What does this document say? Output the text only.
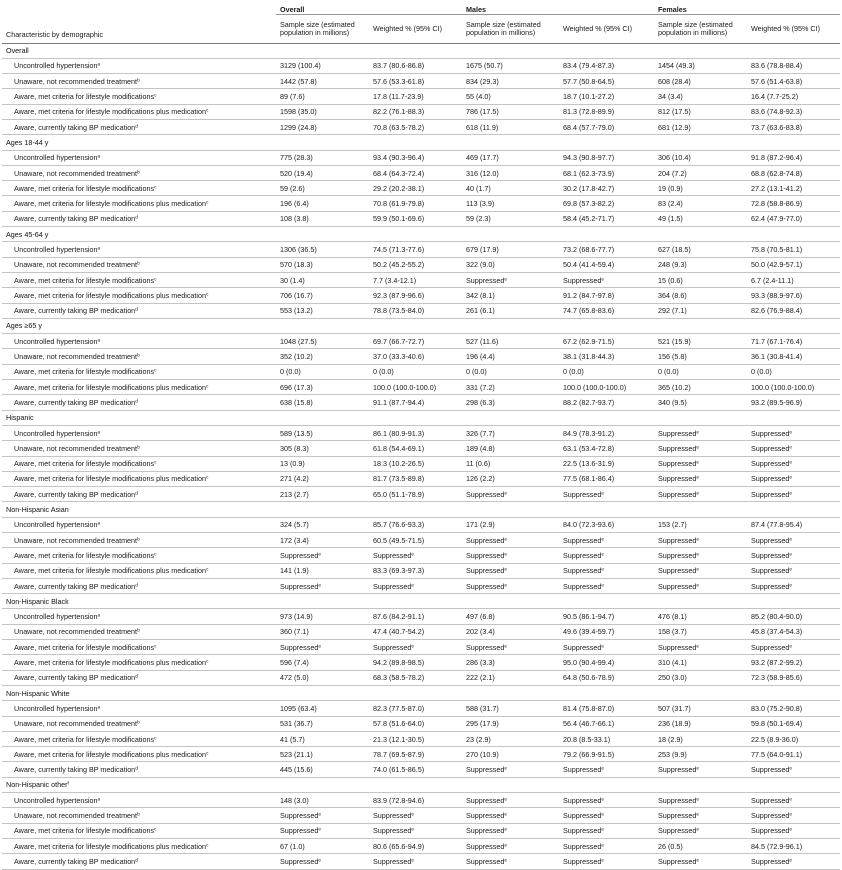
	Overall		Males		Females	
Characteristic by demographic	Sample size (estimated population in millions)	Weighted % (95% CI)	Sample size (estimated population in millions)	Weighted % (95% CI)	Sample size (estimated population in millions)	Weighted % (95% CI)
Overall						
Uncontrolled hypertension$^a$	3129 (100.4)	83.7 (80.6-86.8)	1675 (50.7)	83.4 (79.4-87.3)	1454 (49.3)	83.6 (78.8-88.4)
Unaware, not recommended treatment$^b$	1442 (57.8)	57.6 (53.3-61.8)	834 (29.3)	57.7 (50.8-64.5)	608 (28.4)	57.6 (51.4-63.8)
Aware, met criteria for lifestyle modifications$^c$	89 (7.6)	17.8 (11.7-23.9)	55 (4.0)	18.7 (10.1-27.2)	34 (3.4)	16.4 (7.7-25.2)
Aware, met criteria for lifestyle modifications plus medication$^c$	1598 (35.0)	82.2 (76.1-88.3)	786 (17.5)	81.3 (72.8-89.9)	812 (17.5)	83.6 (74.8-92.3)
Aware, currently taking BP medication$^d$	1299 (24.8)	70.8 (63.5-78.2)	618 (11.9)	68.4 (57.7-79.0)	681 (12.9)	73.7 (63.6-83.8)
Ages 18-44 y						
Uncontrolled hypertension$^a$	775 (28.3)	93.4 (90.3-96.4)	469 (17.7)	94.3 (90.8-97.7)	306 (10.4)	91.8 (87.2-96.4)
Unaware, not recommended treatment$^b$	520 (19.4)	68.4 (64.3-72.4)	316 (12.0)	68.1 (62.3-73.9)	204 (7.2)	68.8 (62.8-74.8)
Aware, met criteria for lifestyle modifications$^c$	59 (2.6)	29.2 (20.2-38.1)	40 (1.7)	30.2 (17.8-42.7)	19 (0.9)	27.2 (13.1-41.2)
Aware, met criteria for lifestyle modifications plus medication$^c$	196 (6.4)	70.8 (61.9-79.8)	113 (3.9)	69.8 (57.3-82.2)	83 (2.4)	72.8 (58.8-86.9)
Aware, currently taking BP medication$^d$	108 (3.8)	59.9 (50.1-69.6)	59 (2.3)	58.4 (45.2-71.7)	49 (1.5)	62.4 (47.9-77.0)
Ages 45-64 y						
Uncontrolled hypertension$^a$	1306 (36.5)	74.5 (71.3-77.6)	679 (17.9)	73.2 (68.6-77.7)	627 (18.5)	75.8 (70.5-81.1)
Unaware, not recommended treatment$^b$	570 (18.3)	50.2 (45.2-55.2)	322 (9.0)	50.4 (41.4-59.4)	248 (9.3)	50.0 (42.9-57.1)
Aware, met criteria for lifestyle modifications$^c$	30 (1.4)	7.7 (3.4-12.1)	Suppressed$^e$	Suppressed$^e$	15 (0.6)	6.7 (2.4-11.1)
Aware, met criteria for lifestyle modifications plus medication$^c$	706 (16.7)	92.3 (87.9-96.6)	342 (8.1)	91.2 (84.7-97.8)	364 (8.6)	93.3 (88.9-97.6)
Aware, currently taking BP medication$^d$	553 (13.2)	78.8 (73.5-84.0)	261 (6.1)	74.7 (65.8-83.6)	292 (7.1)	82.6 (76.9-88.4)
Ages ≥65 y						
Uncontrolled hypertension$^a$	1048 (27.5)	69.7 (66.7-72.7)	527 (11.6)	67.2 (62.9-71.5)	521 (15.9)	71.7 (67.1-76.4)
Unaware, not recommended treatment$^b$	352 (10.2)	37.0 (33.3-40.6)	196 (4.4)	38.1 (31.8-44.3)	156 (5.8)	36.1 (30.8-41.4)
Aware, met criteria for lifestyle modifications$^c$	0 (0.0)	0 (0.0)	0 (0.0)	0 (0.0)	0 (0.0)	0 (0.0)
Aware, met criteria for lifestyle modifications plus medication$^c$	696 (17.3)	100.0 (100.0-100.0)	331 (7.2)	100.0 (100.0-100.0)	365 (10.2)	100.0 (100.0-100.0)
Aware, currently taking BP medication$^d$	638 (15.8)	91.1 (87.7-94.4)	298 (6.3)	88.2 (82.7-93.7)	340 (9.5)	93.2 (89.5-96.9)
Hispanic						
Uncontrolled hypertension$^a$	589 (13.5)	86.1 (80.9-91.3)	326 (7.7)	84.9 (78.3-91.2)	Suppressed$^e$	Suppressed$^e$
Unaware, not recommended treatment$^b$	305 (8.3)	61.8 (54.4-69.1)	189 (4.8)	63.1 (53.4-72.8)	Suppressed$^e$	Suppressed$^e$
Aware, met criteria for lifestyle modifications$^c$	13 (0.9)	18.3 (10.2-26.5)	11 (0.6)	22.5 (13.6-31.9)	Suppressed$^e$	Suppressed$^e$
Aware, met criteria for lifestyle modifications plus medication$^c$	271 (4.2)	81.7 (73.5-89.8)	126 (2.2)	77.5 (68.1-86.4)	Suppressed$^e$	Suppressed$^e$
Aware, currently taking BP medication$^d$	213 (2.7)	65.0 (51.1-78.9)	Suppressed$^e$	Suppressed$^e$	Suppressed$^e$	Suppressed$^e$
Non-Hispanic Asian						
Uncontrolled hypertension$^a$	324 (5.7)	85.7 (76.6-93.3)	171 (2.9)	84.0 (72.3-93.6)	153 (2.7)	87.4 (77.8-95.4)
Unaware, not recommended treatment$^b$	172 (3.4)	60.5 (49.5-71.5)	Suppressed$^e$	Suppressed$^e$	Suppressed$^e$	Suppressed$^e$
Aware, met criteria for lifestyle modifications$^c$	Suppressed$^e$	Suppressed$^e$	Suppressed$^e$	Suppressed$^e$	Suppressed$^e$	Suppressed$^e$
Aware, met criteria for lifestyle modifications plus medication$^c$	141 (1.9)	83.3 (69.3-97.3)	Suppressed$^e$	Suppressed$^e$	Suppressed$^e$	Suppressed$^e$
Aware, currently taking BP medication$^d$	Suppressed$^e$	Suppressed$^e$	Suppressed$^e$	Suppressed$^e$	Suppressed$^e$	Suppressed$^e$
Non-Hispanic Black						
Uncontrolled hypertension$^a$	973 (14.9)	87.6 (84.2-91.1)	497 (6.8)	90.5 (86.1-94.7)	476 (8.1)	85.2 (80.4-90.0)
Unaware, not recommended treatment$^b$	360 (7.1)	47.4 (40.7-54.2)	202 (3.4)	49.6 (39.4-59.7)	158 (3.7)	45.8 (37.4-54.3)
Aware, met criteria for lifestyle modifications$^c$	Suppressed$^e$	Suppressed$^e$	Suppressed$^e$	Suppressed$^e$	Suppressed$^e$	Suppressed$^e$
Aware, met criteria for lifestyle modifications plus medication$^c$	596 (7.4)	94.2 (89.8-98.5)	286 (3.3)	95.0 (90.4-99.4)	310 (4.1)	93.2 (87.2-99.2)
Aware, currently taking BP medication$^d$	472 (5.0)	68.3 (58.5-78.2)	222 (2.1)	64.8 (50.6-78.9)	250 (3.0)	72.3 (58.9-85.6)
Non-Hispanic White						
Uncontrolled hypertension$^a$	1095 (63.4)	82.3 (77.5-87.0)	588 (31.7)	81.4 (75.8-87.0)	507 (31.7)	83.0 (75.2-90.8)
Unaware, not recommended treatment$^b$	531 (36.7)	57.8 (51.6-64.0)	295 (17.9)	56.4 (46.7-66.1)	236 (18.9)	59.8 (50.1-69.4)
Aware, met criteria for lifestyle modifications$^c$	41 (5.7)	21.3 (12.1-30.5)	23 (2.9)	20.8 (8.5-33.1)	18 (2.9)	22.5 (8.9-36.0)
Aware, met criteria for lifestyle modifications plus medication$^c$	523 (21.1)	78.7 (69.5-87.9)	270 (10.9)	79.2 (66.9-91.5)	253 (9.9)	77.5 (64.0-91.1)
Aware, currently taking BP medication$^d$	445 (15.6)	74.0 (61.5-86.5)	Suppressed$^e$	Suppressed$^e$	Suppressed$^e$	Suppressed$^e$
Non-Hispanic other$^f$
Uncontrolled hypertension$^a$	148 (3.0)	83.9 (72.8-94.6)	Suppressed$^e$	Suppressed$^e$	Suppressed$^e$	Suppressed$^e$
Unaware, not recommended treatment$^b$	Suppressed$^e$	Suppressed$^e$	Suppressed$^e$	Suppressed$^e$	Suppressed$^e$	Suppressed$^e$
Aware, met criteria for lifestyle modifications$^c$	Suppressed$^e$	Suppressed$^e$	Suppressed$^e$	Suppressed$^e$	Suppressed$^e$	Suppressed$^e$
Aware, met criteria for lifestyle modifications plus medication$^c$	67 (1.0)	80.6 (65.6-94.9)	Suppressed$^e$	Suppressed$^e$	26 (0.5)	84.5 (72.9-96.1)
Aware, currently taking BP medication$^d$	Suppressed$^e$	Suppressed$^e$	Suppressed$^e$	Suppressed$^e$	Suppressed$^e$	Suppressed$^e$
